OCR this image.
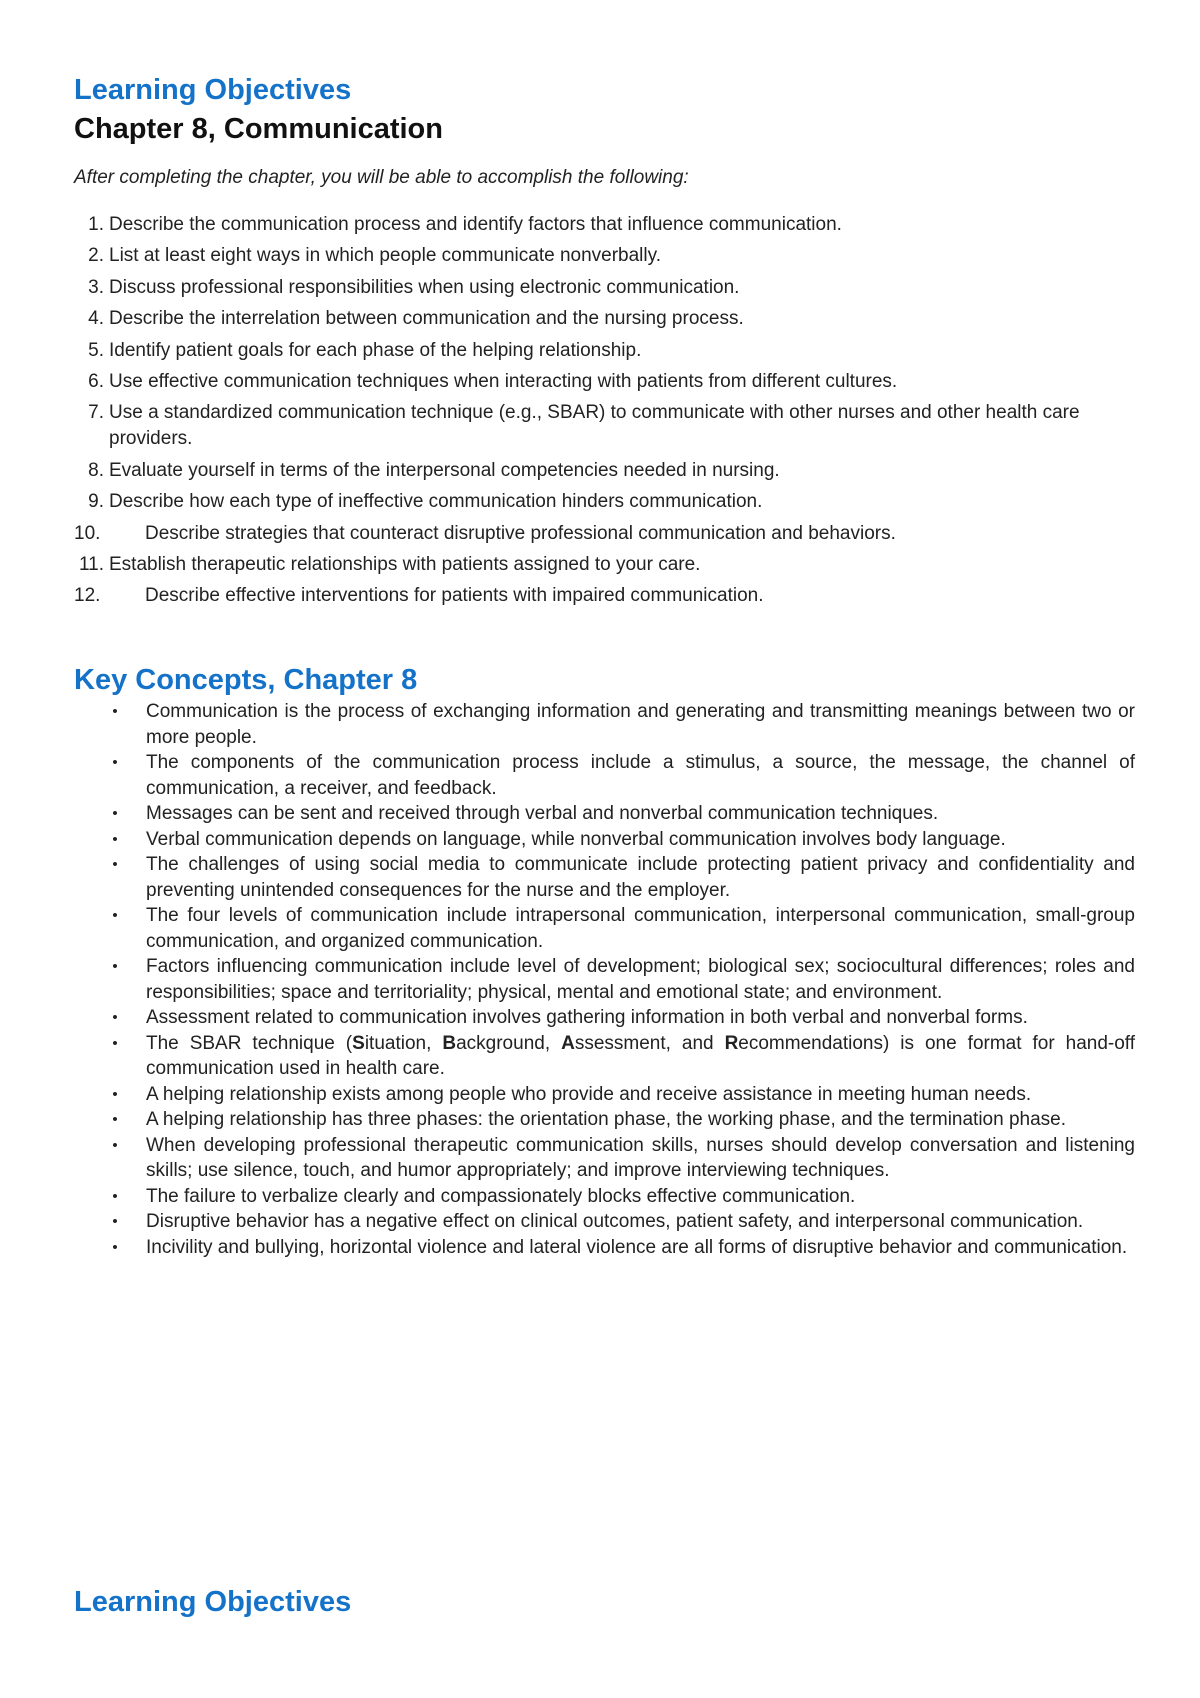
Learning Objectives
Chapter 8, Communication

After completing the chapter, you will be able to accomplish the following:

1. Describe the communication process and identify factors that influence communication.
2. List at least eight ways in which people communicate nonverbally.
3. Discuss professional responsibilities when using electronic communication.
4. Describe the interrelation between communication and the nursing process.
5. Identify patient goals for each phase of the helping relationship.
6. Use effective communication techniques when interacting with patients from different cultures.
7. Use a standardized communication technique (e.g., SBAR) to communicate with other nurses and other health care providers.
8. Evaluate yourself in terms of the interpersonal competencies needed in nursing.
9. Describe how each type of ineffective communication hinders communication.
10. Describe strategies that counteract disruptive professional communication and behaviors.
11. Establish therapeutic relationships with patients assigned to your care.
12. Describe effective interventions for patients with impaired communication.
Key Concepts, Chapter 8
• Communication is the process of exchanging information and generating and transmitting meanings between two or more people.
• The components of the communication process include a stimulus, a source, the message, the channel of communication, a receiver, and feedback.
• Messages can be sent and received through verbal and nonverbal communication techniques.
• Verbal communication depends on language, while nonverbal communication involves body language.
• The challenges of using social media to communicate include protecting patient privacy and confidentiality and preventing unintended consequences for the nurse and the employer.
• The four levels of communication include intrapersonal communication, interpersonal communication, small-group communication, and organized communication.
• Factors influencing communication include level of development; biological sex; sociocultural differences; roles and responsibilities; space and territoriality; physical, mental and emotional state; and environment.
• Assessment related to communication involves gathering information in both verbal and nonverbal forms.
• The SBAR technique (Situation, Background, Assessment, and Recommendations) is one format for hand-off communication used in health care.
• A helping relationship exists among people who provide and receive assistance in meeting human needs.
• A helping relationship has three phases: the orientation phase, the working phase, and the termination phase.
• When developing professional therapeutic communication skills, nurses should develop conversation and listening skills; use silence, touch, and humor appropriately; and improve interviewing techniques.
• The failure to verbalize clearly and compassionately blocks effective communication.
• Disruptive behavior has a negative effect on clinical outcomes, patient safety, and interpersonal communication.
• Incivility and bullying, horizontal violence and lateral violence are all forms of disruptive behavior and communication.
Learning Objectives
